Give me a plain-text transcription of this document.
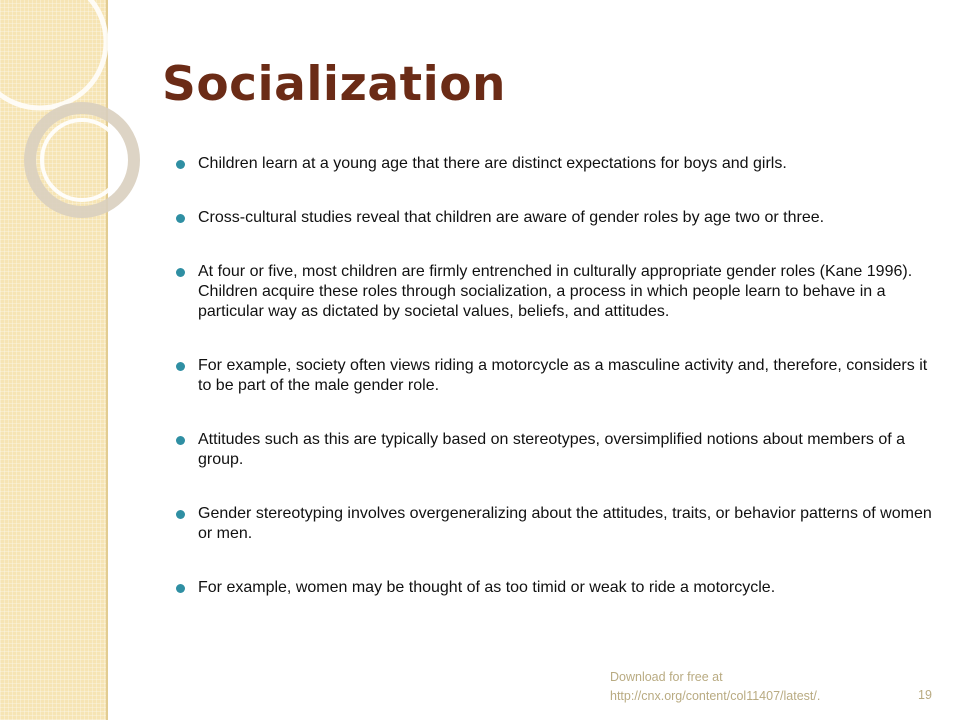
Socialization
Children learn at a young age that there are distinct expectations for boys and girls.
Cross-cultural studies reveal that children are aware of gender roles by age two or three.
At four or five, most children are firmly entrenched in culturally appropriate gender roles (Kane 1996). Children acquire these roles through socialization, a process in which people learn to behave in a particular way as dictated by societal values, beliefs, and attitudes.
For example, society often views riding a motorcycle as a masculine activity and, therefore, considers it to be part of the male gender role.
Attitudes such as this are typically based on stereotypes, oversimplified notions about members of a group.
Gender stereotyping involves overgeneralizing about the attitudes, traits, or behavior patterns of women or men.
For example, women may be thought of as too timid or weak to ride a motorcycle.
Download for free at http://cnx.org/content/col11407/latest/.	19
